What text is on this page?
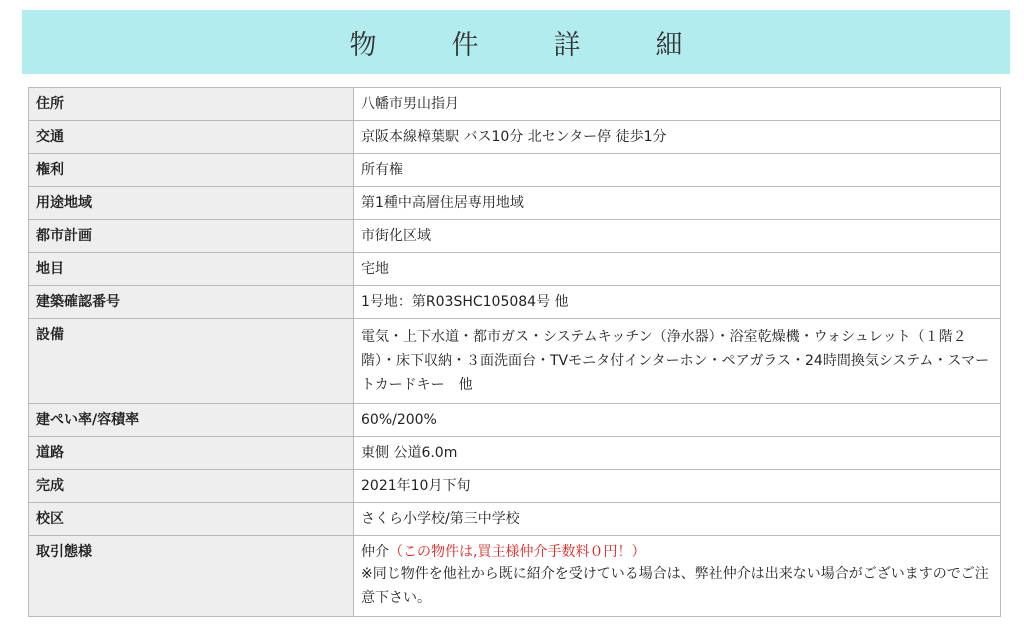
物　件　詳　細
住所	八幡市男山指月
交通	京阪本線樟葉駅 バス10分 北センター停 徒歩1分
権利	所有権
用途地域	第1種中高層住居専用地域
都市計画	市街化区域
地目	宅地
建築確認番号	1号地：第R03SHC105084号 他
設備	電気・上下水道・都市ガス・システムキッチン（浄水器）・浴室乾燥機・ウォシュレット（１階２階）・床下収納・３面洗面台・TVモニタ付インターホン・ペアガラス・24時間換気システム・スマートカードキー　他

建ぺい率/容積率	60%/200%
道路	東側 公道6.0m
完成	2021年10月下旬
校区	さくら小学校/第三中学校
取引態様	仲介（この物件は,買主様仲介手数料０円！）
※同じ物件を他社から既に紹介を受けている場合は、弊社仲介は出来ない場合がございますのでご注意下さい。
